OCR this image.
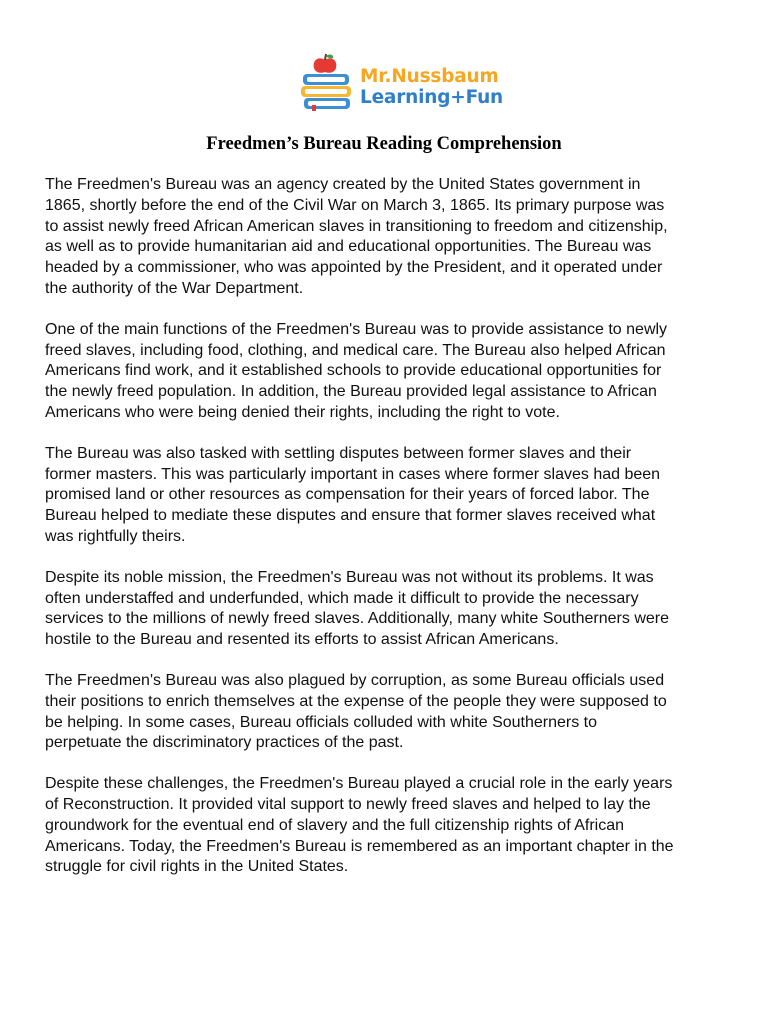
Mr.Nussbaum
Learning+Fun
Freedmen’s Bureau Reading Comprehension

The Freedmen's Bureau was an agency created by the United States government in
1865, shortly before the end of the Civil War on March 3, 1865. Its primary purpose was
to assist newly freed African American slaves in transitioning to freedom and citizenship,
as well as to provide humanitarian aid and educational opportunities. The Bureau was
headed by a commissioner, who was appointed by the President, and it operated under
the authority of the War Department.

One of the main functions of the Freedmen's Bureau was to provide assistance to newly
freed slaves, including food, clothing, and medical care. The Bureau also helped African
Americans find work, and it established schools to provide educational opportunities for
the newly freed population. In addition, the Bureau provided legal assistance to African
Americans who were being denied their rights, including the right to vote.

The Bureau was also tasked with settling disputes between former slaves and their
former masters. This was particularly important in cases where former slaves had been
promised land or other resources as compensation for their years of forced labor. The
Bureau helped to mediate these disputes and ensure that former slaves received what
was rightfully theirs.

Despite its noble mission, the Freedmen's Bureau was not without its problems. It was
often understaffed and underfunded, which made it difficult to provide the necessary
services to the millions of newly freed slaves. Additionally, many white Southerners were
hostile to the Bureau and resented its efforts to assist African Americans.

The Freedmen's Bureau was also plagued by corruption, as some Bureau officials used
their positions to enrich themselves at the expense of the people they were supposed to
be helping. In some cases, Bureau officials colluded with white Southerners to
perpetuate the discriminatory practices of the past.

Despite these challenges, the Freedmen's Bureau played a crucial role in the early years
of Reconstruction. It provided vital support to newly freed slaves and helped to lay the
groundwork for the eventual end of slavery and the full citizenship rights of African
Americans. Today, the Freedmen's Bureau is remembered as an important chapter in the
struggle for civil rights in the United States.
